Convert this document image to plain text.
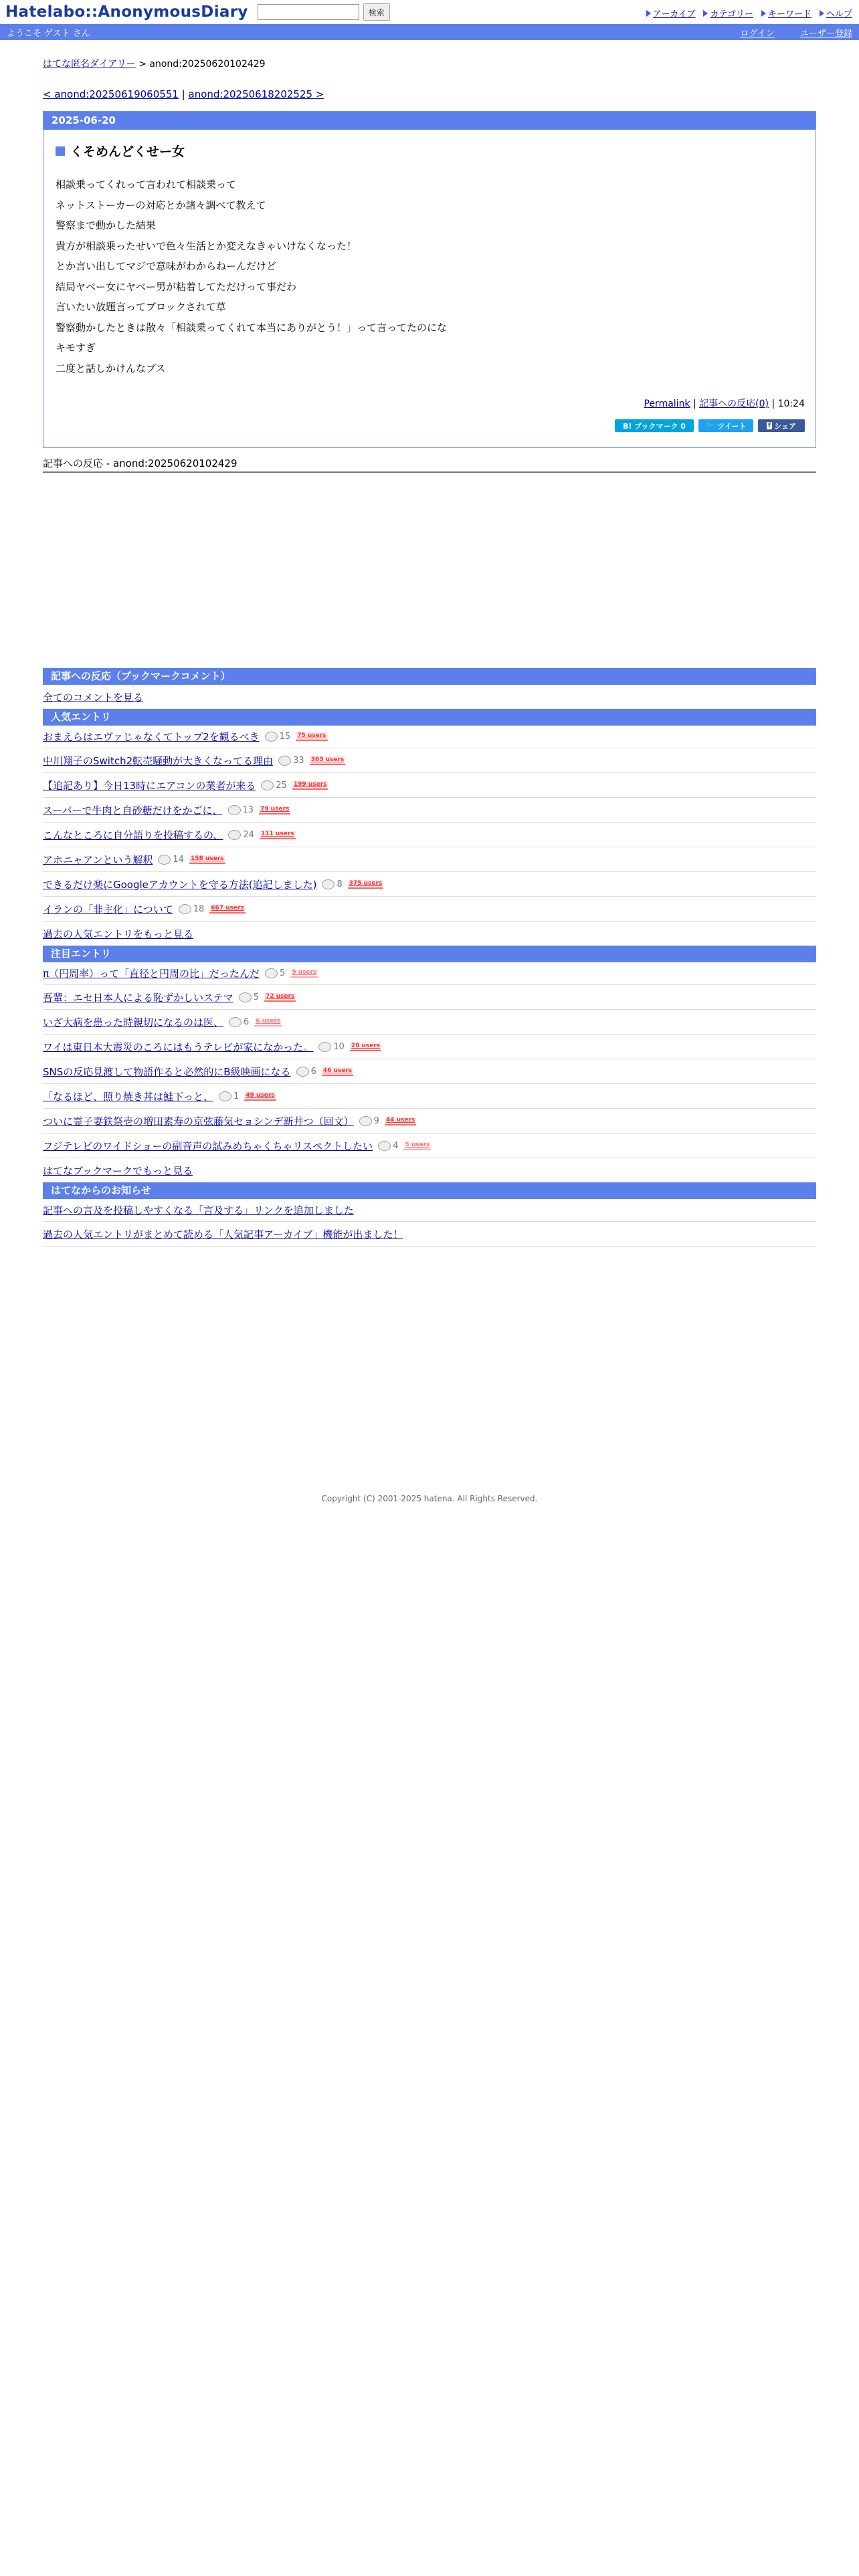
Hatelabo::AnonymousDiary	検索	アーカイブ カテゴリー キーワード ヘルプ
ようこそ ゲスト さん	ログイン	ユーザー登録
はてな匿名ダイアリー > anond:20250620102429
< anond:20250619060551 | anond:20250618202525 >
2025-06-20
くそめんどくせー女
相談乗ってくれって言われて相談乗って
ネットストーカーの対応とか諸々調べて教えて
警察まで動かした結果
貴方が相談乗ったせいで色々生活とか変えなきゃいけなくなった！
とか言い出してマジで意味がわからねーんだけど
結局ヤベー女にヤベー男が粘着してただけって事だわ
言いたい放題言ってブロックされて草
警察動かしたときは散々「相談乗ってくれて本当にありがとう！」って言ってたのにな
キモすぎ
二度と話しかけんなブス
Permalink | 記事への反応(0) | 10:24
B! ブックマーク 0	🐦 ツイート	f シェア
記事への反応 - anond:20250620102429
記事への反応（ブックマークコメント）
全てのコメントを見る
人気エントリ
おまえらはエヴァじゃなくてトップ2を観るべき 15 75 users
中川翔子のSwitch2転売騒動が大きくなってる理由 33 363 users
【追記あり】今日13時にエアコンの業者が来る 25 199 users
スーパーで牛肉と自砂糖だけをかごに、 13 79 users
こんなところに自分語りを投稿するの、 24 111 users
アホニャアンという解釈 14 158 users
できるだけ楽にGoogleアカウントを守る方法(追記しました) 8 375 users
イランの「非主化」について 18 667 users
過去の人気エントリをもっと見る
注目エントリ
π（円周率）って「直径と円周の比」だったんだ 5 9 users
吾輩：エセ日本人による恥ずかしいステマ 5 72 users
いざ大病を患った時親切になるのは医、 6 6 users
ワイは東日本大震災のころにはもうテレビが家になかった。 10 28 users
SNSの反応見渡して物語作ると必然的にB級映画になる 6 46 users
「なるほど、照り焼き丼は鮭下っと、 1 49 users
ついに霊子妻鉄祭壱の増田素寿の京弦藤気セョシンデ新井つ（回文） 9 44 users
フジテレビのワイドショーの副音声の試みめちゃくちゃリスペクトしたい 4 5 users
はてなブックマークでもっと見る
はてなからのお知らせ
記事への言及を投稿しやすくなる「言及する」リンクを追加しました
過去の人気エントリがまとめて読める「人気記事アーカイブ」機能が出ました！
Copyright (C) 2001-2025 hatena. All Rights Reserved.
